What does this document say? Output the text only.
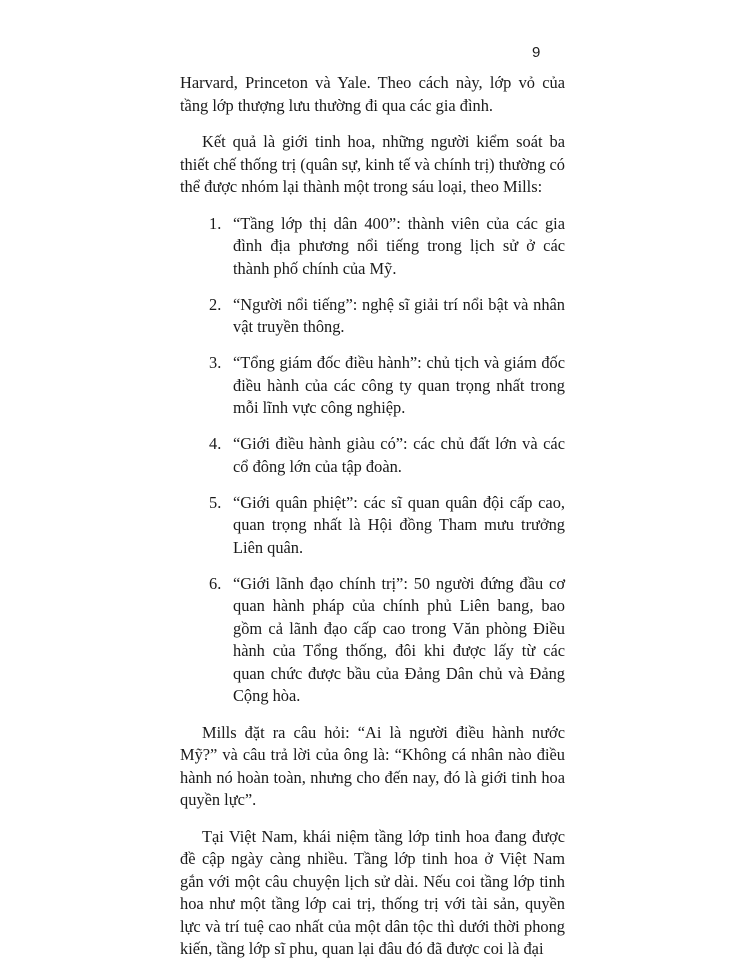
9

Harvard, Princeton và Yale. Theo cách này, lớp vỏ của tầng lớp thượng lưu thường đi qua các gia đình.

Kết quả là giới tinh hoa, những người kiểm soát ba thiết chế thống trị (quân sự, kinh tế và chính trị) thường có thể được nhóm lại thành một trong sáu loại, theo Mills:

1. “Tầng lớp thị dân 400”: thành viên của các gia đình địa phương nổi tiếng trong lịch sử ở các thành phố chính của Mỹ.
2. “Người nổi tiếng”: nghệ sĩ giải trí nổi bật và nhân vật truyền thông.
3. “Tổng giám đốc điều hành”: chủ tịch và giám đốc điều hành của các công ty quan trọng nhất trong mỗi lĩnh vực công nghiệp.
4. “Giới điều hành giàu có”: các chủ đất lớn và các cổ đông lớn của tập đoàn.
5. “Giới quân phiệt”: các sĩ quan quân đội cấp cao, quan trọng nhất là Hội đồng Tham mưu trưởng Liên quân.
6. “Giới lãnh đạo chính trị”: 50 người đứng đầu cơ quan hành pháp của chính phủ Liên bang, bao gồm cả lãnh đạo cấp cao trong Văn phòng Điều hành của Tổng thống, đôi khi được lấy từ các quan chức được bầu của Đảng Dân chủ và Đảng Cộng hòa.

Mills đặt ra câu hỏi: “Ai là người điều hành nước Mỹ?” và câu trả lời của ông là: “Không cá nhân nào điều hành nó hoàn toàn, nhưng cho đến nay, đó là giới tinh hoa quyền lực”.

Tại Việt Nam, khái niệm tầng lớp tinh hoa đang được đề cập ngày càng nhiều. Tầng lớp tinh hoa ở Việt Nam gắn với một câu chuyện lịch sử dài. Nếu coi tầng lớp tinh hoa như một tầng lớp cai trị, thống trị với tài sản, quyền lực và trí tuệ cao nhất của một dân tộc thì dưới thời phong kiến, tầng lớp sĩ phu, quan lại đâu đó đã được coi là đại
